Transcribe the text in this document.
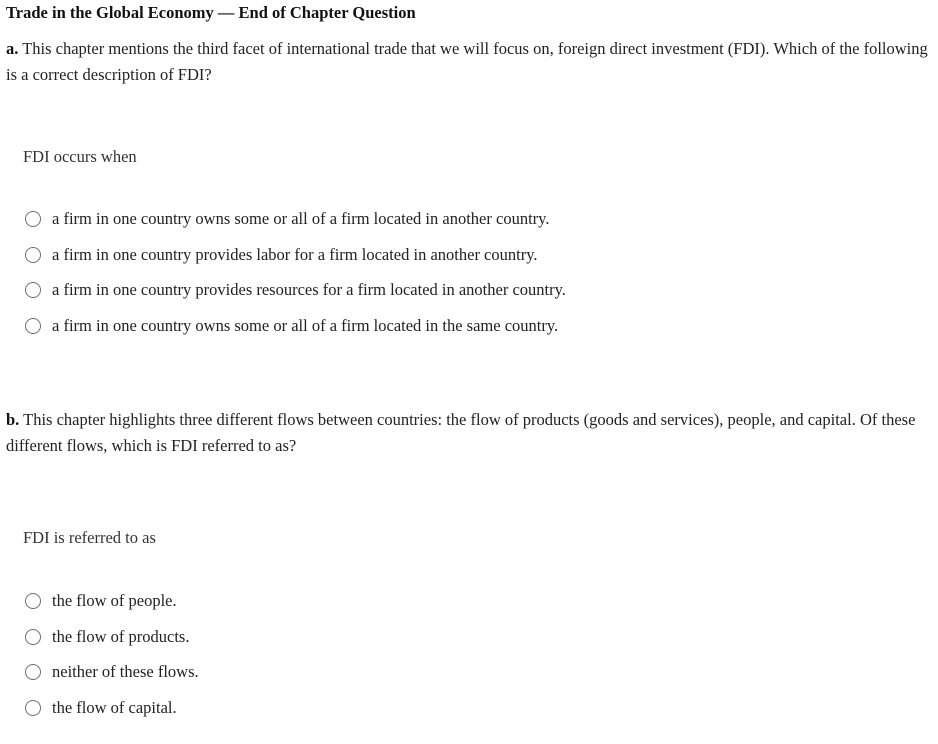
Trade in the Global Economy — End of Chapter Question
a. This chapter mentions the third facet of international trade that we will focus on, foreign direct investment (FDI). Which of the following is a correct description of FDI?
FDI occurs when
a firm in one country owns some or all of a firm located in another country.
a firm in one country provides labor for a firm located in another country.
a firm in one country provides resources for a firm located in another country.
a firm in one country owns some or all of a firm located in the same country.
b. This chapter highlights three different flows between countries: the flow of products (goods and services), people, and capital. Of these different flows, which is FDI referred to as?
FDI is referred to as
the flow of people.
the flow of products.
neither of these flows.
the flow of capital.
